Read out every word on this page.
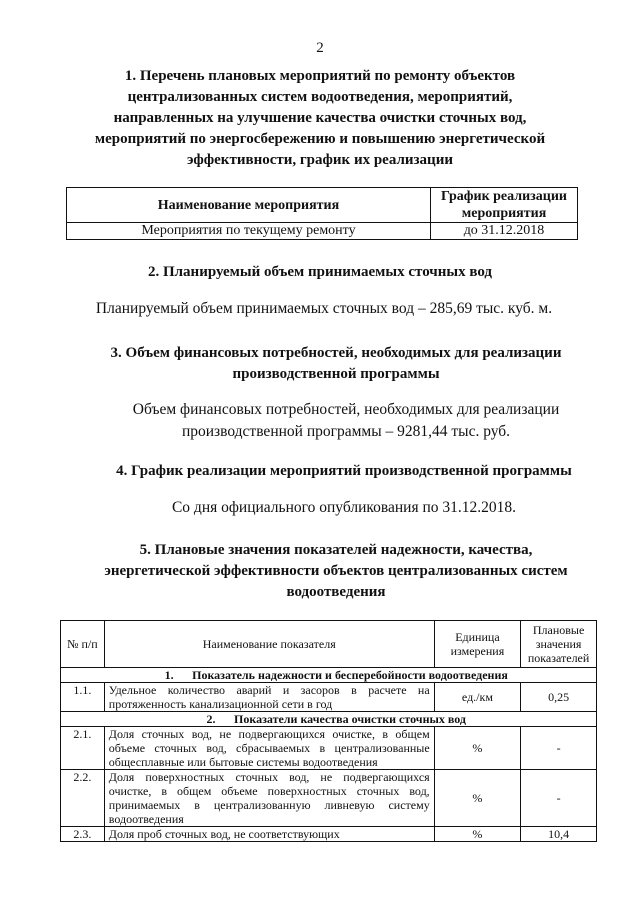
2
1. Перечень плановых мероприятий по ремонту объектов
централизованных систем водоотведения, мероприятий,
направленных на улучшение качества очистки сточных вод,
мероприятий по энергосбережению и повышению энергетической
эффективности, график их реализации
Наименование мероприятия	График реализации мероприятия
Мероприятия по текущему ремонту	до 31.12.2018
2. Планируемый объем принимаемых сточных вод
Планируемый объем принимаемых сточных вод – 285,69 тыс. куб. м.
3. Объем финансовых потребностей, необходимых для реализации
производственной программы
Объем финансовых потребностей, необходимых для реализации
производственной программы – 9281,44 тыс. руб.
4. График реализации мероприятий производственной программы
Со дня официального опубликования по 31.12.2018.
5. Плановые значения показателей надежности, качества,
энергетической эффективности объектов централизованных систем
водоотведения
№ п/п	Наименование показателя	Единица измерения	Плановые значения показателей
1. Показатель надежности и бесперебойности водоотведения			
1.1.	Удельное количество аварий и засоров в расчете на протяженность канализационной сети в год	ед./км	0,25
2. Показатели качества очистки сточных вод			
2.1.	Доля сточных вод, не подвергающихся очистке, в общем объеме сточных вод, сбрасываемых в централизованные общесплавные или бытовые системы водоотведения	%	-
2.2.	Доля поверхностных сточных вод, не подвергающихся очистке, в общем объеме поверхностных сточных вод, принимаемых в централизованную ливневую систему водоотведения	%	-
2.3.	Доля проб сточных вод, не соответствующих	%	10,4
